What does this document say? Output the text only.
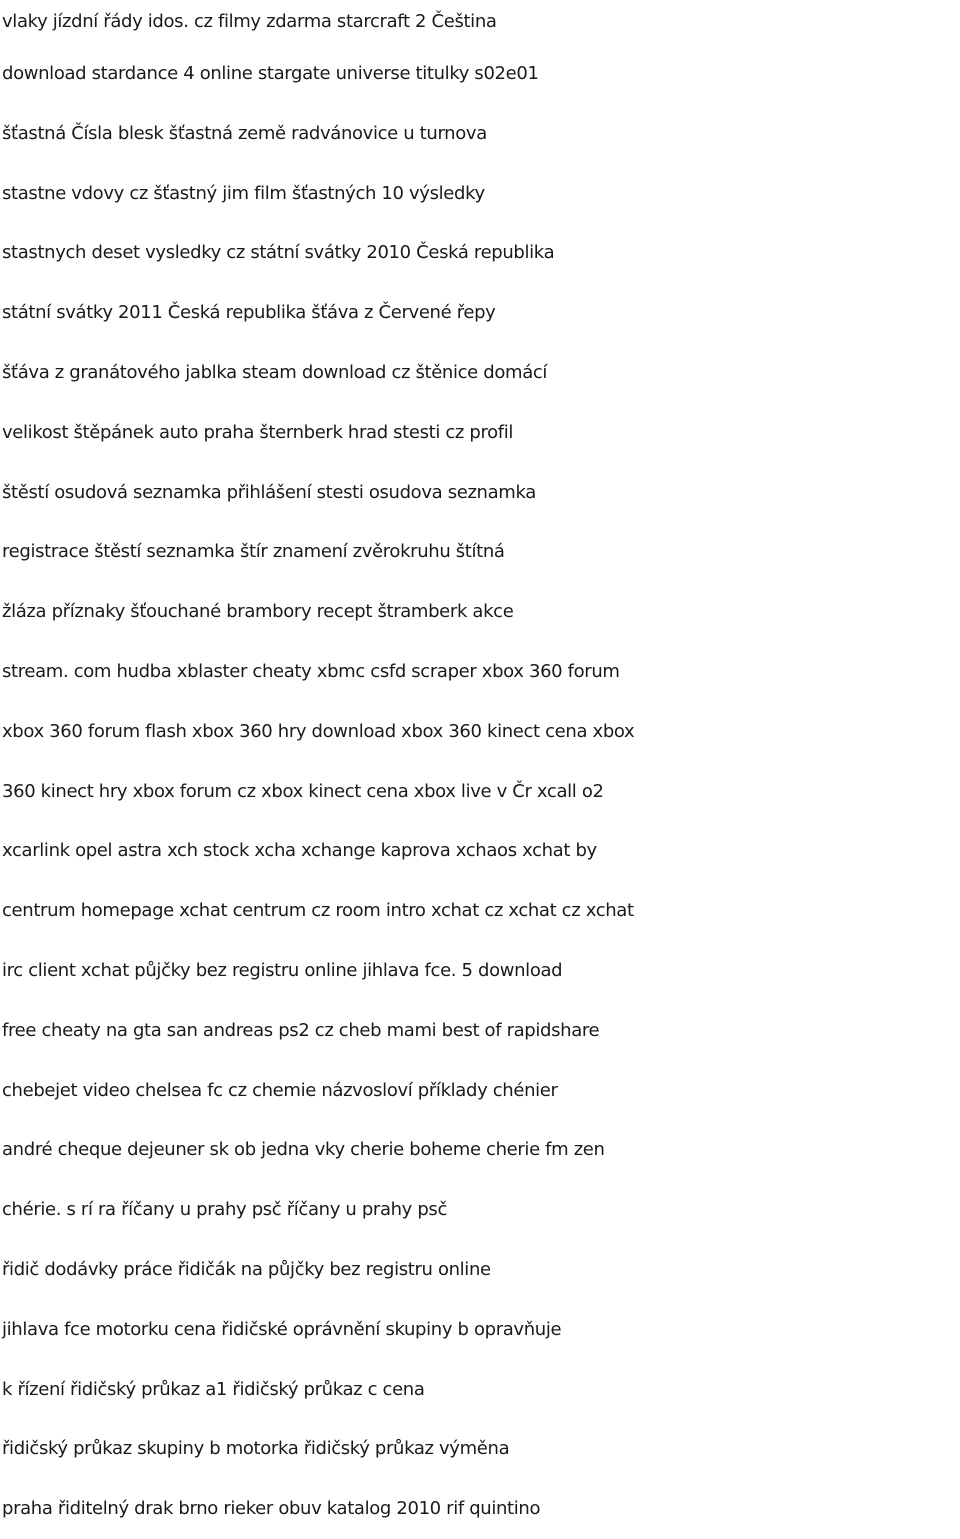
vlaky jízdní řády idos. cz filmy zdarma starcraft 2 Čeština

download stardance 4 online stargate universe titulky s02e01

šťastná Čísla blesk šťastná země radvánovice u turnova

stastne vdovy cz šťastný jim film šťastných 10 výsledky

stastnych deset vysledky cz státní svátky 2010 Česká republika

státní svátky 2011 Česká republika šťáva z Červené řepy

šťáva z granátového jablka steam download cz štěnice domácí

velikost štěpánek auto praha šternberk hrad stesti cz profil

štěstí osudová seznamka přihlášení stesti osudova seznamka

registrace štěstí seznamka štír znamení zvěrokruhu štítná

žláza příznaky šťouchané brambory recept štramberk akce

stream. com hudba xblaster cheaty xbmc csfd scraper xbox 360 forum

xbox 360 forum flash xbox 360 hry download xbox 360 kinect cena xbox

360 kinect hry xbox forum cz xbox kinect cena xbox live v Čr xcall o2

xcarlink opel astra xch stock xcha xchange kaprova xchaos xchat by

centrum homepage xchat centrum cz room intro xchat cz xchat cz xchat

irc client xchat půjčky bez registru online jihlava fce. 5 download

free cheaty na gta san andreas ps2 cz cheb mami best of rapidshare

chebejet video chelsea fc cz chemie názvosloví příklady chénier

andré cheque dejeuner sk ob jedna vky cherie boheme cherie fm zen

chérie. s rí ra říčany u prahy psč říčany u prahy psč

řidič dodávky práce řidičák na půjčky bez registru online

jihlava fce motorku cena řidičské oprávnění skupiny b opravňuje

k řízení řidičský průkaz a1 řidičský průkaz c cena

řidičský průkaz skupiny b motorka řidičský průkaz výměna

praha řiditelný drak brno rieker obuv katalog 2010 rif quintino
